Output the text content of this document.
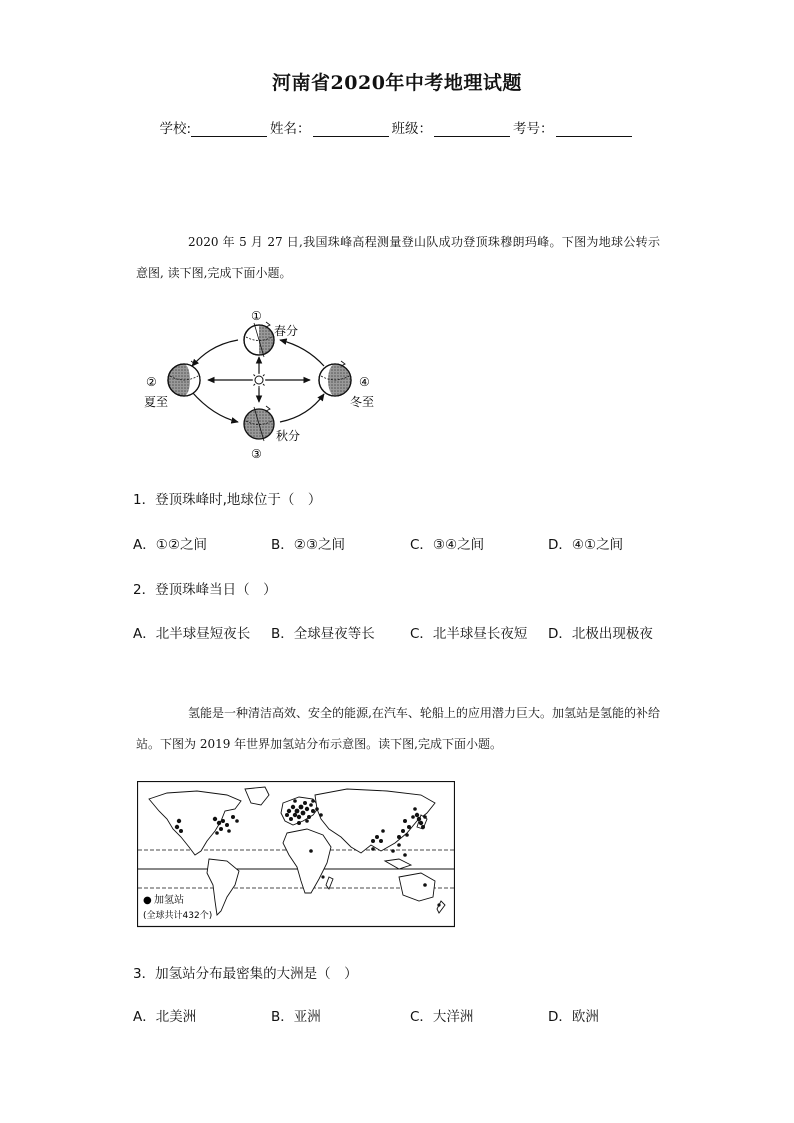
河南省2020年中考地理试题
学校:	姓名：	班级：	考号：
2020 年 5 月 27 日,我国珠峰高程测量登山队成功登顶珠穆朗玛峰。下图为地球公转示意图, 读下图,完成下面小题。
①
春分
②
夏至
④
冬至
秋分
③
1．登顶珠峰时,地球位于（　）
A．①②之间	B．②③之间	C．③④之间	D．④①之间
2．登顶珠峰当日（　）
A．北半球昼短夜长 B．全球昼夜等长	C．北半球昼长夜短 D．北极出现极夜
氢能是一种清洁高效、安全的能源,在汽车、轮船上的应用潜力巨大。加氢站是氢能的补给站。下图为 2019 年世界加氢站分布示意图。读下图,完成下面小题。
● 加氢站
(全球共计432个)
3．加氢站分布最密集的大洲是（　）
A．北美洲	B．亚洲	C．大洋洲	D．欧洲
